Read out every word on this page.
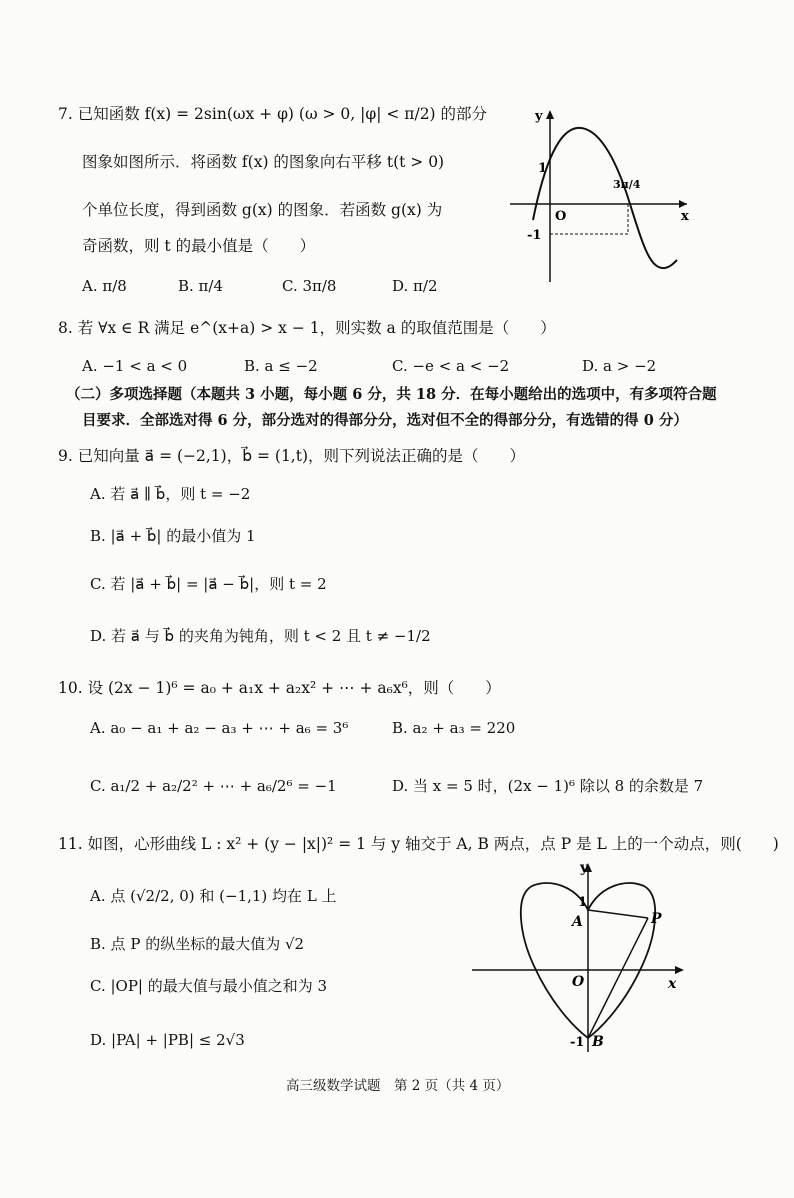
7. 已知函数 f(x) = 2sin(ωx + φ) (ω > 0, |φ| < π/2) 的部分
图象如图所示．将函数 f(x) 的图象向右平移 t(t > 0)
个单位长度，得到函数 g(x) 的图象．若函数 g(x) 为
奇函数，则 t 的最小值是（　　）
A. π/8	B. π/4	C. 3π/8	D. π/2
y
x
O
1
-1
3π/4
8. 若 ∀x ∈ R 满足 e^(x+a) > x − 1，则实数 a 的取值范围是（　　）
A. −1 < a < 0	B. a ≤ −2	C. −e < a < −2	D. a > −2
（二）多项选择题（本题共 3 小题，每小题 6 分，共 18 分．在每小题给出的选项中，有多项符合题
目要求．全部选对得 6 分，部分选对的得部分分，选对但不全的得部分分，有选错的得 0 分）
9. 已知向量 a⃗ = (−2,1)，b⃗ = (1,t)，则下列说法正确的是（　　）
A. 若 a⃗ ∥ b⃗，则 t = −2
B. |a⃗ + b⃗| 的最小值为 1
C. 若 |a⃗ + b⃗| = |a⃗ − b⃗|，则 t = 2
D. 若 a⃗ 与 b⃗ 的夹角为钝角，则 t < 2 且 t ≠ −1/2
10. 设 (2x − 1)⁶ = a₀ + a₁x + a₂x² + ⋯ + a₆x⁶，则（　　）
A. a₀ − a₁ + a₂ − a₃ + ⋯ + a₆ = 3⁶	B. a₂ + a₃ = 220
C. a₁/2 + a₂/2² + ⋯ + a₆/2⁶ = −1	D. 当 x = 5 时，(2x − 1)⁶ 除以 8 的余数是 7
11. 如图，心形曲线 L : x² + (y − |x|)² = 1 与 y 轴交于 A, B 两点，点 P 是 L 上的一个动点，则(　　)
A. 点 (√2/2, 0) 和 (−1,1) 均在 L 上
B. 点 P 的纵坐标的最大值为 √2
C. |OP| 的最大值与最小值之和为 3
D. |PA| + |PB| ≤ 2√3
y
x
O
1
A	P
-1 B
高三级数学试题　第 2 页（共 4 页）
